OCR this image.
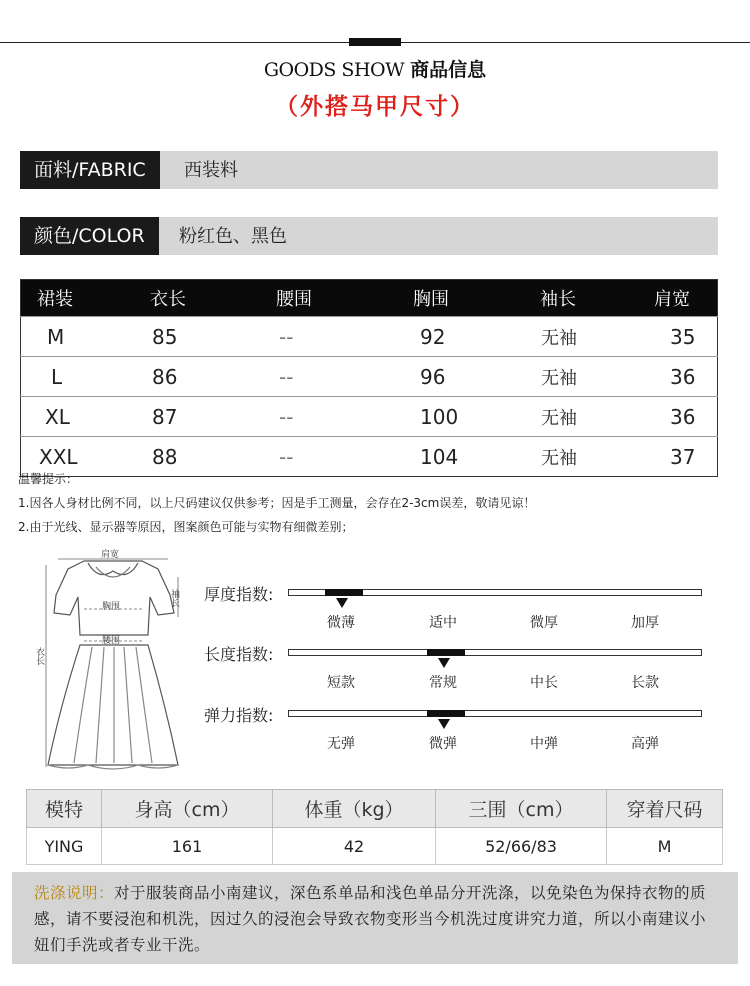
GOODS SHOW 商品信息
（外搭马甲尺寸）
面料/FABRIC	西装料
颜色/COLOR	粉红色、黑色
裙装	衣长	腰围	胸围	袖长	肩宽
M	85	--	92	无袖	35
L	86	--	96	无袖	36
XL	87	--	100	无袖	36
XXL	88	--	104	无袖	37
温馨提示：
1.因各人身材比例不同，以上尺码建议仅供参考；因是手工测量，会存在2-3cm误差，敬请见谅！
2.由于光线、显示器等原因，图案颜色可能与实物有细微差别；
肩宽
袖长
胸围
腰围
衣长
厚度指数:
微薄	适中	微厚	加厚
长度指数:
短款	常规	中长	长款
弹力指数:
无弹	微弹	中弹	高弹
模特	身高（cm）	体重（kg）	三围（cm）	穿着尺码
YING	161	42	52/66/83	M

洗涤说明：对于服装商品小南建议，深色系单品和浅色单品分开洗涤，以免染色为保持衣物的质感，请不要浸泡和机洗，因过久的浸泡会导致衣物变形当今机洗过度讲究力道，所以小南建议小妞们手洗或者专业干洗。
